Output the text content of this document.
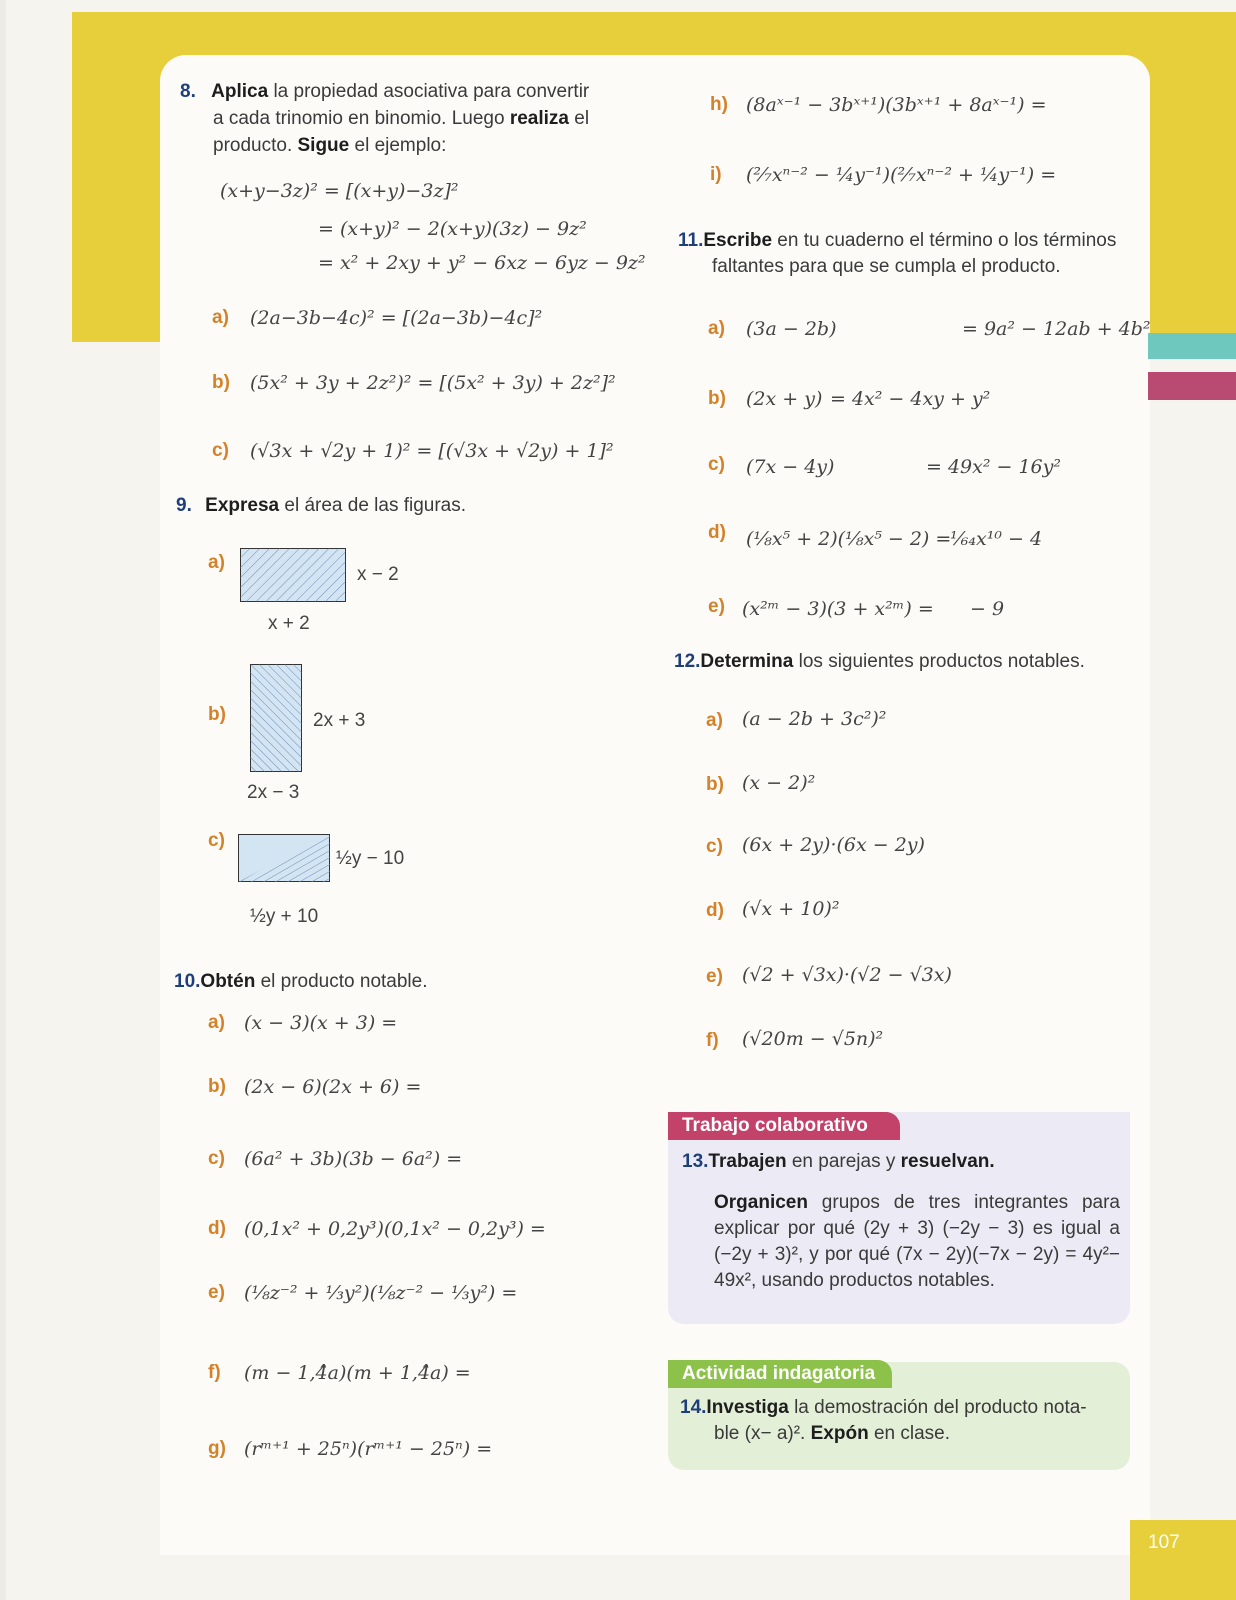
8. Aplica la propiedad asociativa para convertir
a cada trinomio en binomio. Luego realiza el
producto. Sigue el ejemplo:
(x+y−3z)² = [(x+y)−3z]²
= (x+y)² − 2(x+y)(3z) − 9z²
= x² + 2xy + y² − 6xz − 6yz − 9z²
a) (2a−3b−4c)² = [(2a−3b)−4c]²
b) (5x² + 3y + 2z²)² = [(5x² + 3y) + 2z²]²
c) (√3x + √2y + 1)² = [(√3x + √2y) + 1]²
9. Expresa el área de las figuras.
a)
x − 2
x + 2
b)	2x + 3
2x − 3
c)
½y − 10
½y + 10
10.Obtén el producto notable.
a) (x − 3)(x + 3) =
b) (2x − 6)(2x + 6) =
c) (6a² + 3b)(3b − 6a²) =
d) (0,1x² + 0,2y³)(0,1x² − 0,2y³) =
e) (⅛z⁻² + ⅓y²)(⅛z⁻² − ⅓y²) =
f) (m − 1,4̂a)(m + 1,4̂a) =
g) (rᵐ⁺¹ + 25ⁿ)(rᵐ⁺¹ − 25ⁿ) =
h) (8aˣ⁻¹ − 3bˣ⁺¹)(3bˣ⁺¹ + 8aˣ⁻¹) =
i) (²⁄₇xⁿ⁻² − ¼y⁻¹)(²⁄₇xⁿ⁻² + ¼y⁻¹) =
11.Escribe en tu cuaderno el término o los términos
faltantes para que se cumpla el producto.
a) (3a − 2b)	= 9a² − 12ab + 4b²
b) (2x + y) = 4x² − 4xy + y²
c) (7x − 4y)	= 49x² − 16y²
d) (⅛x⁵ + 2)(⅛x⁵ − 2) =
¹⁄₆₄x¹⁰ − 4
e) (x²ᵐ − 3)(3 + x²ᵐ) = − 9
12.Determina los siguientes productos notables.
a) (a − 2b + 3c²)²
b) (x − 2)²
c) (6x + 2y)·(6x − 2y)
d) (√x + 10)²
e) (√2 + √3x)·(√2 − √3x)
f) (√20m − √5n)²
Trabajo colaborativo
13.Trabajen en parejas y resuelvan.
Organicen grupos de tres integrantes para explicar por qué (2y + 3) (−2y − 3) es igual a (−2y + 3)², y por qué (7x − 2y)(−7x − 2y) = 4y²− 49x², usando productos notables.
Actividad indagatoria
14.Investiga la demostración del producto nota-
ble (x− a)². Expón en clase.
107
